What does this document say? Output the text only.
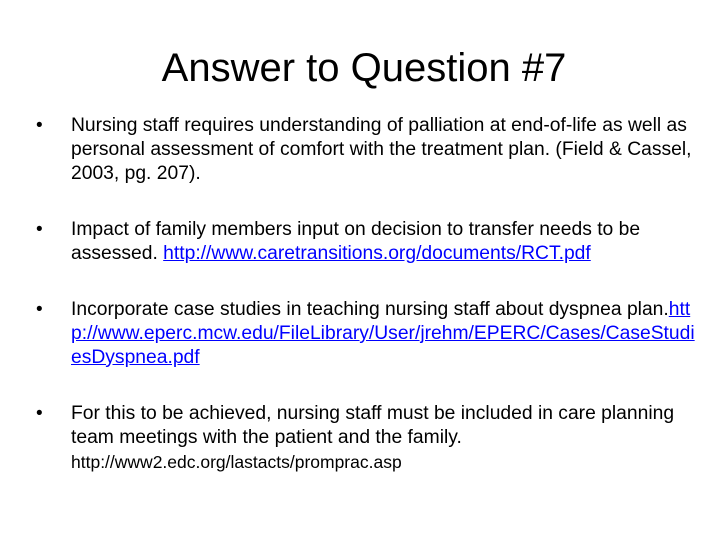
Answer to Question #7
•	Nursing staff requires understanding of palliation at end-of-life as well as personal assessment of comfort with the treatment plan. (Field & Cassel, 2003, pg. 207).
•	Impact of family members input on decision to transfer needs to be assessed. http://www.caretransitions.org/documents/RCT.pdf
•	Incorporate case studies in teaching nursing staff about dyspnea plan.http://www.eperc.mcw.edu/FileLibrary/User/jrehm/EPERC/Cases/CaseStudiesDyspnea.pdf
•	For this to be achieved, nursing staff must be included in care planning team meetings with the patient and the family.
http://www2.edc.org/lastacts/promprac.asp
